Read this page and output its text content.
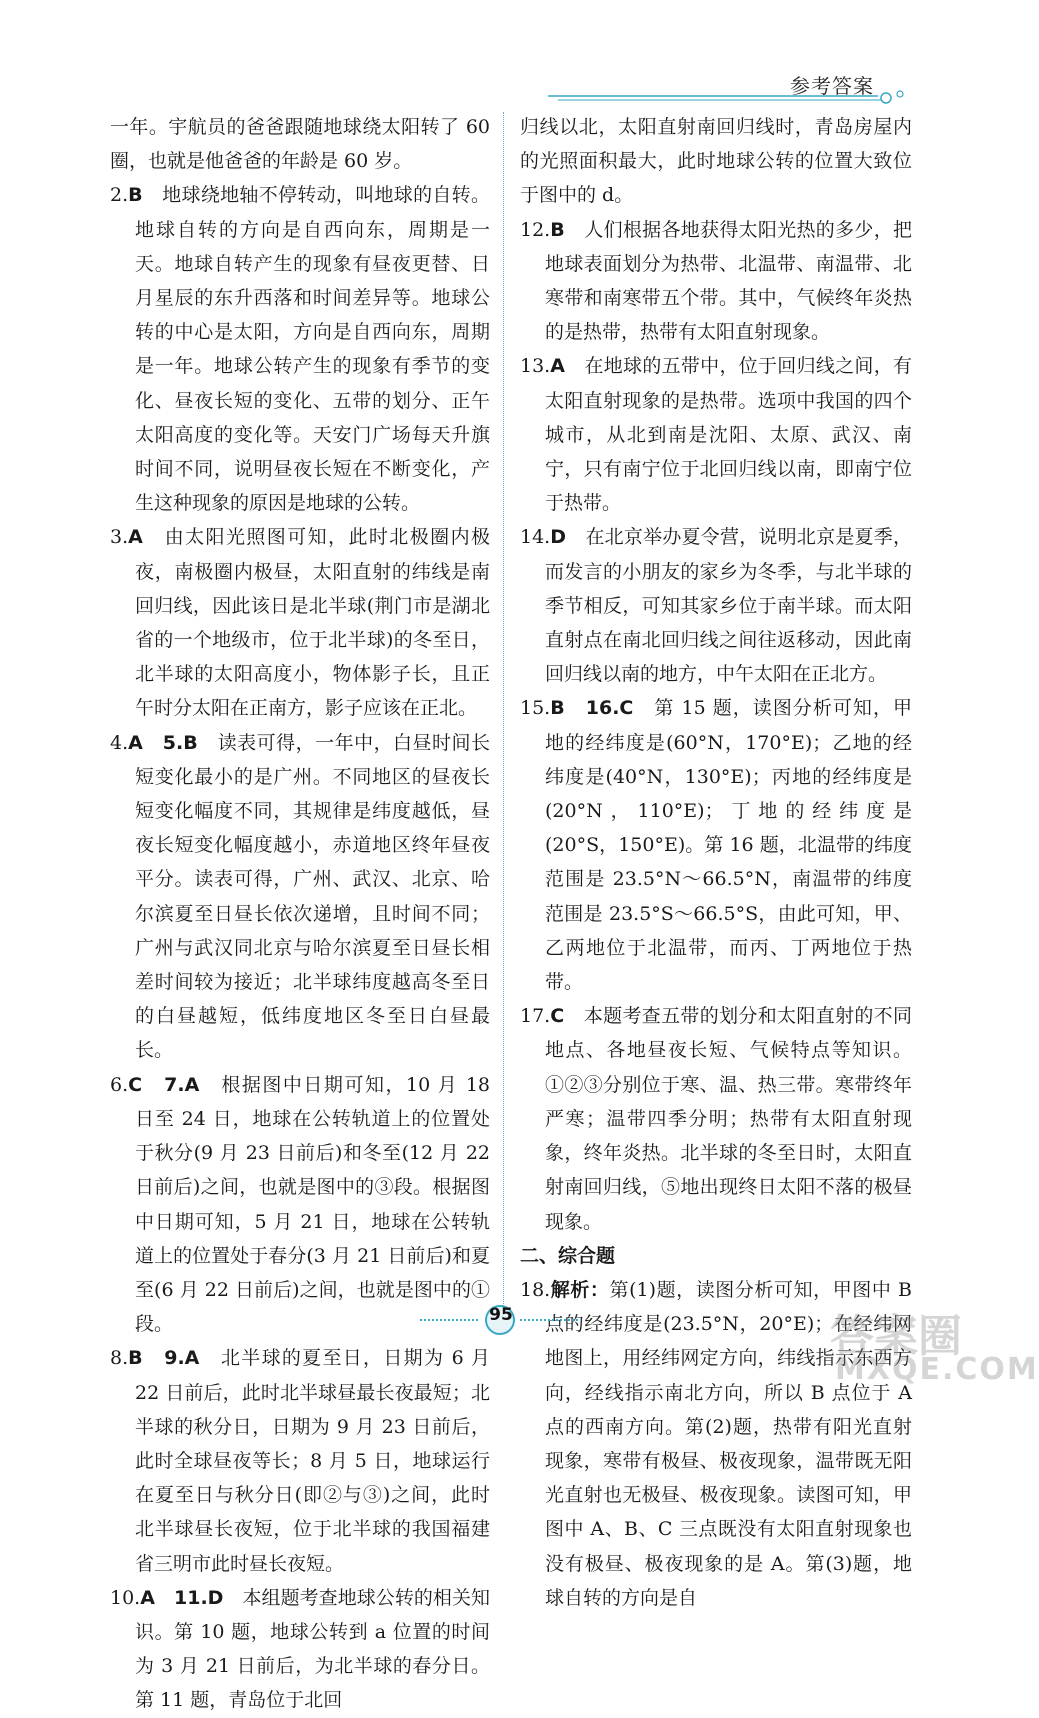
参考答案

一年。宇航员的爸爸跟随地球绕太阳转了 60 圈，也就是他爸爸的年龄是 60 岁。

2.B　地球绕地轴不停转动，叫地球的自转。地球自转的方向是自西向东，周期是一天。地球自转产生的现象有昼夜更替、日月星辰的东升西落和时间差异等。地球公转的中心是太阳，方向是自西向东，周期是一年。地球公转产生的现象有季节的变化、昼夜长短的变化、五带的划分、正午太阳高度的变化等。天安门广场每天升旗时间不同，说明昼夜长短在不断变化，产生这种现象的原因是地球的公转。

3.A　由太阳光照图可知，此时北极圈内极夜，南极圈内极昼，太阳直射的纬线是南回归线，因此该日是北半球(荆门市是湖北省的一个地级市，位于北半球)的冬至日，北半球的太阳高度小，物体影子长，且正午时分太阳在正南方，影子应该在正北。

4.A　5.B　读表可得，一年中，白昼时间长短变化最小的是广州。不同地区的昼夜长短变化幅度不同，其规律是纬度越低，昼夜长短变化幅度越小，赤道地区终年昼夜平分。读表可得，广州、武汉、北京、哈尔滨夏至日昼长依次递增，且时间不同；广州与武汉同北京与哈尔滨夏至日昼长相差时间较为接近；北半球纬度越高冬至日的白昼越短，低纬度地区冬至日白昼最长。

6.C　7.A　根据图中日期可知，10 月 18 日至 24 日，地球在公转轨道上的位置处于秋分(9 月 23 日前后)和冬至(12 月 22 日前后)之间，也就是图中的③段。根据图中日期可知，5 月 21 日，地球在公转轨道上的位置处于春分(3 月 21 日前后)和夏至(6 月 22 日前后)之间，也就是图中的①段。

8.B　9.A　北半球的夏至日，日期为 6 月 22 日前后，此时北半球昼最长夜最短；北半球的秋分日，日期为 9 月 23 日前后，此时全球昼夜等长；8 月 5 日，地球运行在夏至日与秋分日(即②与③)之间，此时北半球昼长夜短，位于北半球的我国福建省三明市此时昼长夜短。

10.A　11.D　本组题考查地球公转的相关知识。第 10 题，地球公转到 a 位置的时间为 3 月 21 日前后，为北半球的春分日。第 11 题，青岛位于北回

归线以北，太阳直射南回归线时，青岛房屋内的光照面积最大，此时地球公转的位置大致位于图中的 d。

12.B　人们根据各地获得太阳光热的多少，把地球表面划分为热带、北温带、南温带、北寒带和南寒带五个带。其中，气候终年炎热的是热带，热带有太阳直射现象。

13.A　在地球的五带中，位于回归线之间，有太阳直射现象的是热带。选项中我国的四个城市，从北到南是沈阳、太原、武汉、南宁，只有南宁位于北回归线以南，即南宁位于热带。

14.D　在北京举办夏令营，说明北京是夏季，而发言的小朋友的家乡为冬季，与北半球的季节相反，可知其家乡位于南半球。而太阳直射点在南北回归线之间往返移动，因此南回归线以南的地方，中午太阳在正北方。

15.B　16.C　第 15 题，读图分析可知，甲地的经纬度是(60°N，170°E)；乙地的经纬度是(40°N，130°E)；丙地的经纬度是(20°N，110°E)；丁地的经纬度是(20°S，150°E)。第 16 题，北温带的纬度范围是 23.5°N～66.5°N，南温带的纬度范围是 23.5°S～66.5°S，由此可知，甲、乙两地位于北温带，而丙、丁两地位于热带。

17.C　本题考查五带的划分和太阳直射的不同地点、各地昼夜长短、气候特点等知识。①②③分别位于寒、温、热三带。寒带终年严寒；温带四季分明；热带有太阳直射现象，终年炎热。北半球的冬至日时，太阳直射南回归线，⑤地出现终日太阳不落的极昼现象。

二、综合题

18.解析：第(1)题，读图分析可知，甲图中 B 点的经纬度是(23.5°N，20°E)；在经纬网地图上，用经纬网定方向，纬线指示东西方向，经线指示南北方向，所以 B 点位于 A 点的西南方向。第(2)题，热带有阳光直射现象，寒带有极昼、极夜现象，温带既无阳光直射也无极昼、极夜现象。读图可知，甲图中 A、B、C 三点既没有太阳直射现象也没有极昼、极夜现象的是 A。第(3)题，地球自转的方向是自

95	答案圈
MXQE.COM
